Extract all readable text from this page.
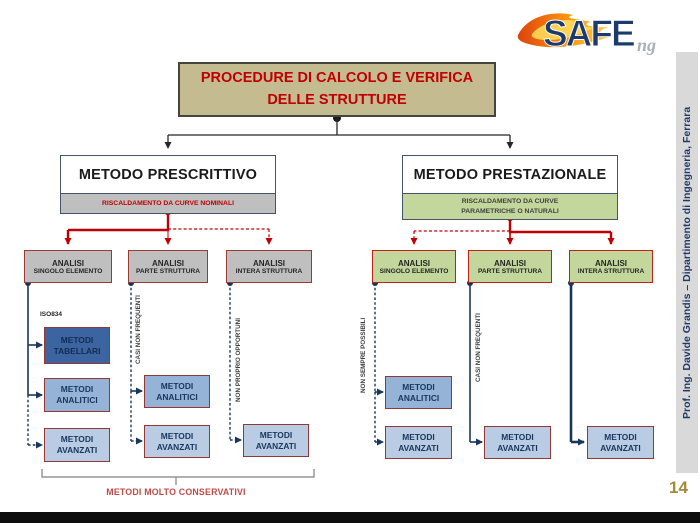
SAFE ng
PROCEDURE DI CALCOLO E VERIFICA
DELLE STRUTTURE
METODO PRESCRITTIVO
RISCALDAMENTO DA CURVE NOMINALI
METODO PRESTAZIONALE
RISCALDAMENTO DA CURVE
PARAMETRICHE O NATURALI
ANALISI
SINGOLO ELEMENTO
ANALISI
PARTE STRUTTURA
ANALISI
INTERA STRUTTURA
ANALISI
SINGOLO ELEMENTO
ANALISI
PARTE STRUTTURA
ANALISI
INTERA STRUTTURA
ISO834
METODI
TABELLARI
METODI
ANALITICI
METODI
AVANZATI
METODI
ANALITICI
METODI
AVANZATI
METODI
AVANZATI
METODI
ANALITICI
METODI
AVANZATI
METODI
AVANZATI
METODI
AVANZATI
CASI NON FREQUENTI	NON PROPRIO OPPORTUNI	NON SEMPRE POSSIBILI	CASI NON FREQUENTI
METODI MOLTO CONSERVATIVI
Prof. Ing. Davide Grandis – Dipartimento di Ingegneria, Ferrara
14
